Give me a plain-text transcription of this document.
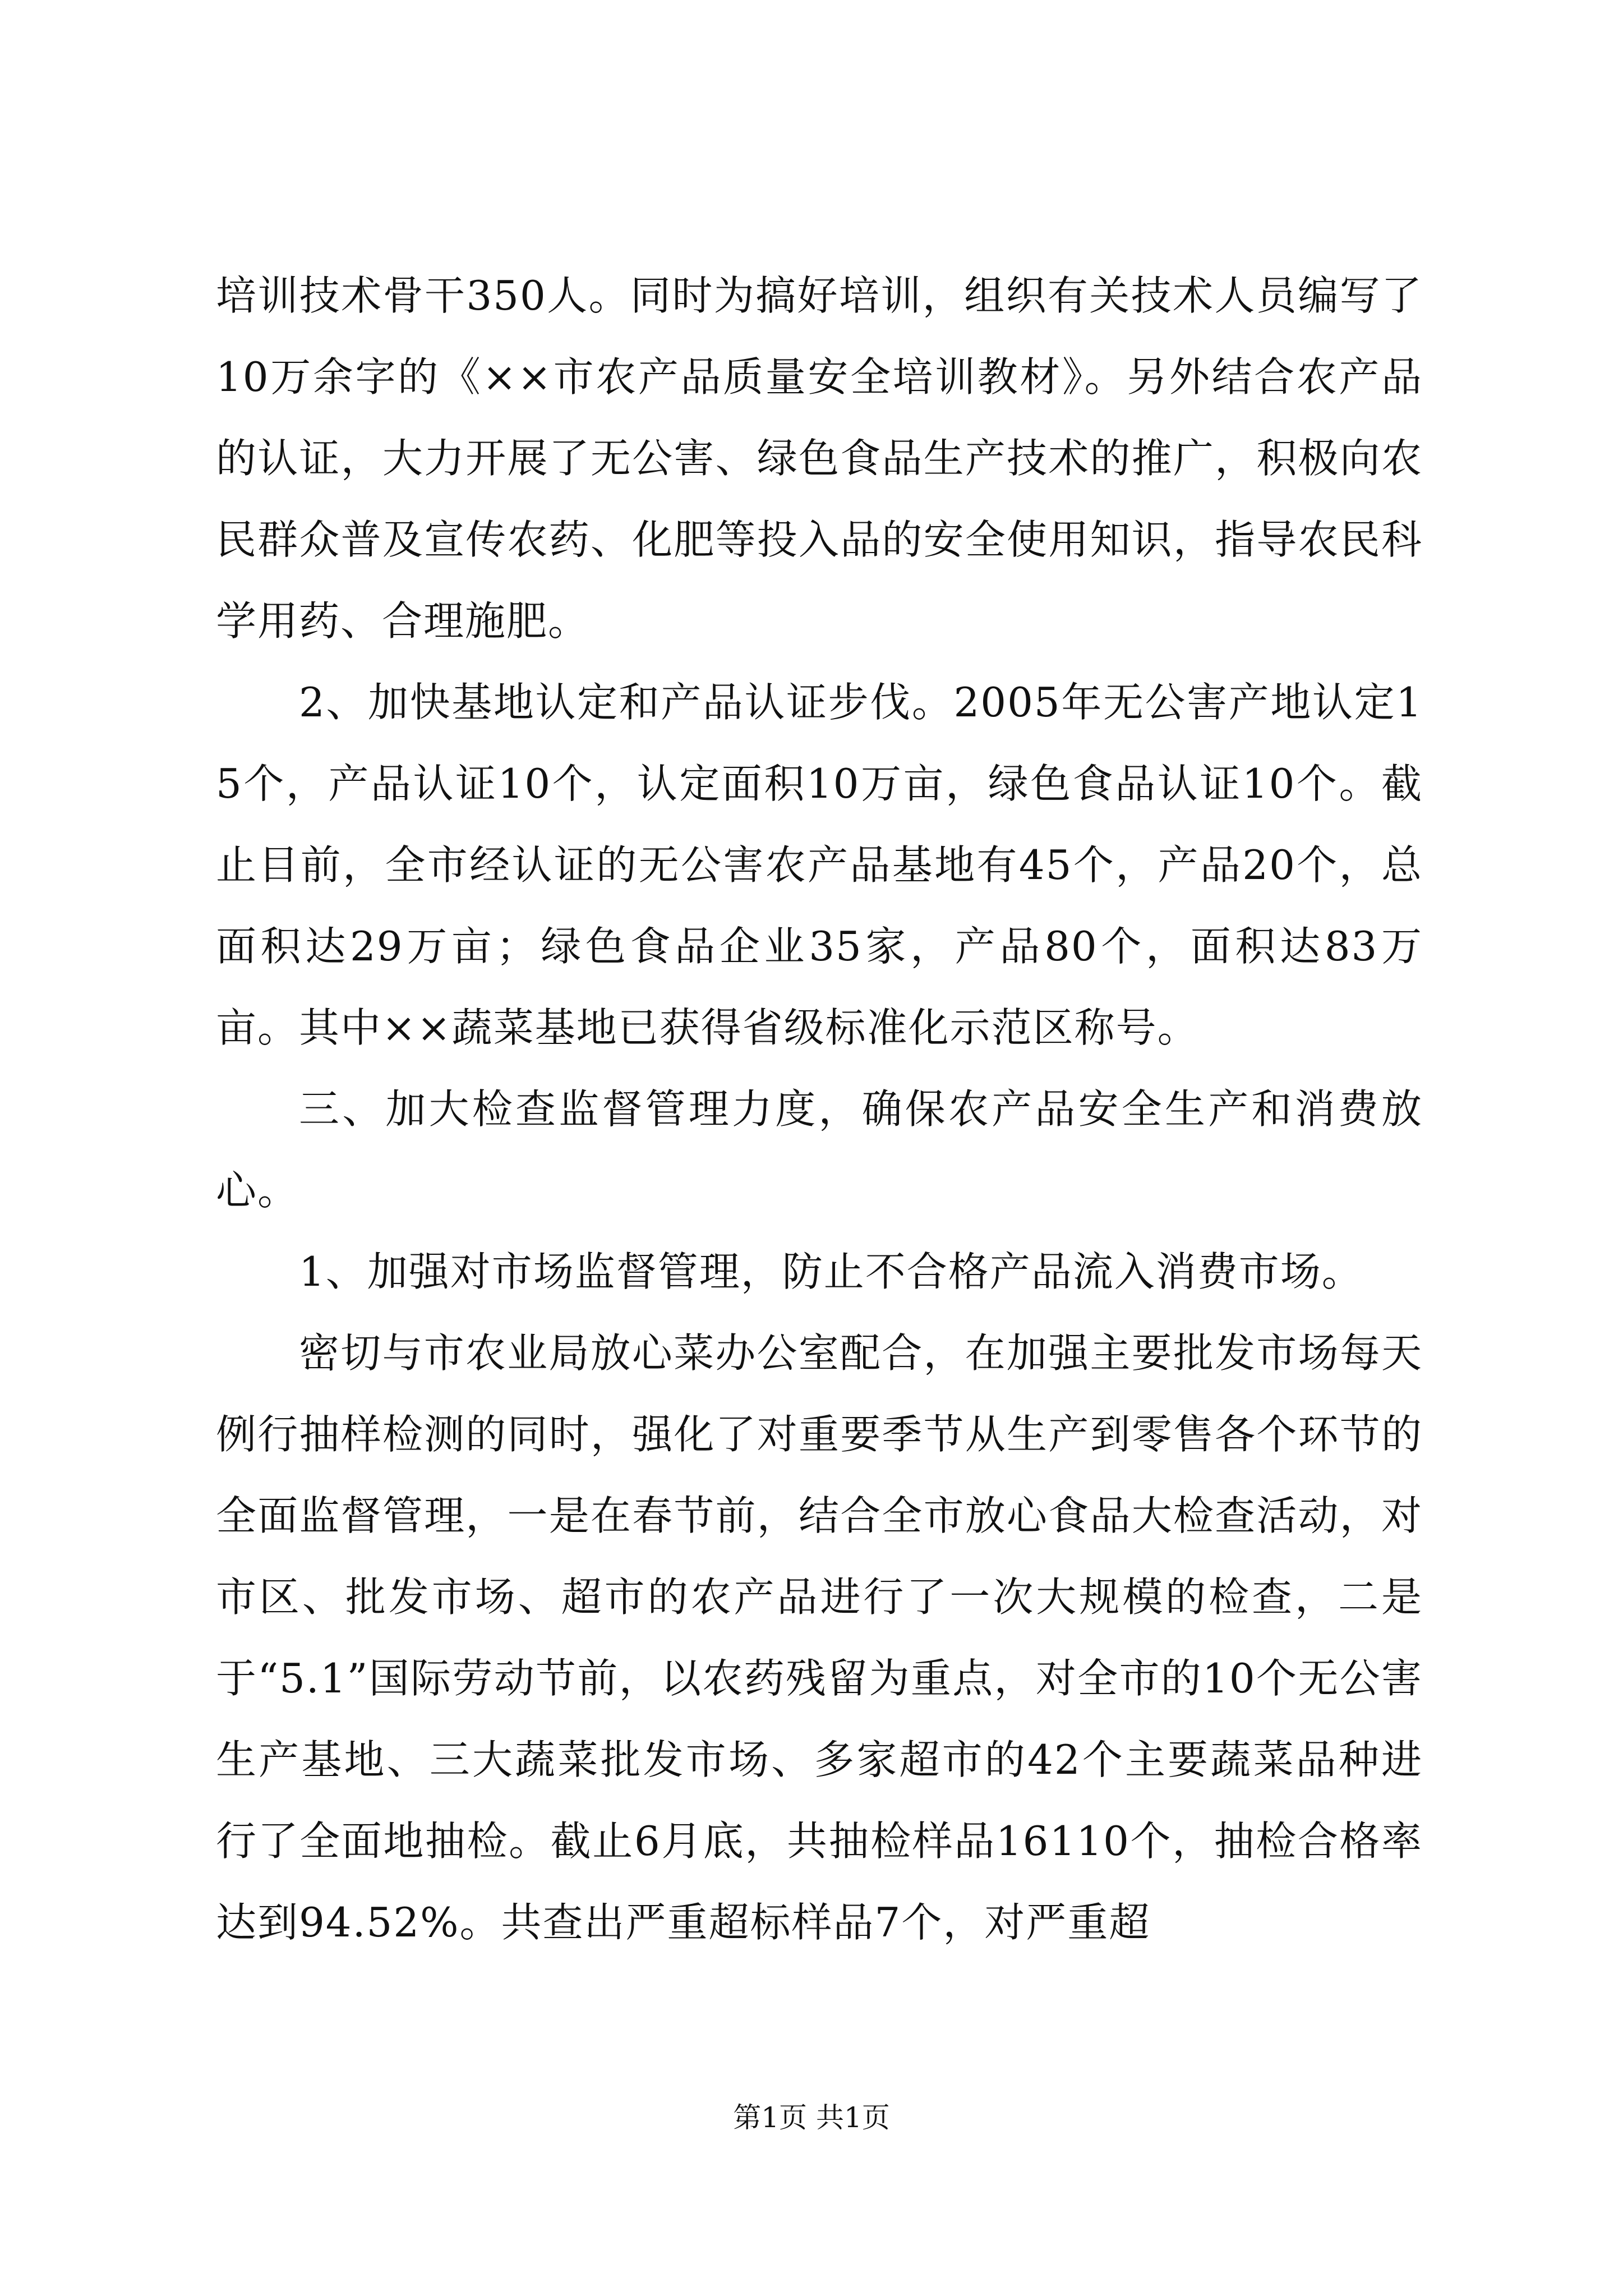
培训技术骨干350人。同时为搞好培训，组织有关技术人员编写了10万余字的《××市农产品质量安全培训教材》。另外结合农产品的认证，大力开展了无公害、绿色食品生产技术的推广，积极向农民群众普及宣传农药、化肥等投入品的安全使用知识，指导农民科学用药、合理施肥。

2、加快基地认定和产品认证步伐。2005年无公害产地认定15个，产品认证10个，认定面积10万亩，绿色食品认证10个。截止目前，全市经认证的无公害农产品基地有45个，产品20个，总面积达29万亩；绿色食品企业35家，产品80个，面积达83万亩。其中××蔬菜基地已获得省级标准化示范区称号。

三、加大检查监督管理力度，确保农产品安全生产和消费放心。

1、加强对市场监督管理，防止不合格产品流入消费市场。

密切与市农业局放心菜办公室配合，在加强主要批发市场每天例行抽样检测的同时，强化了对重要季节从生产到零售各个环节的全面监督管理，一是在春节前，结合全市放心食品大检查活动，对市区、批发市场、超市的农产品进行了一次大规模的检查，二是于“5.1”国际劳动节前，以农药残留为重点，对全市的10个无公害生产基地、三大蔬菜批发市场、多家超市的42个主要蔬菜品种进行了全面地抽检。截止6月底，共抽检样品16110个，抽检合格率达到94.52%。共查出严重超标样品7个，对严重超

第1页 共1页
